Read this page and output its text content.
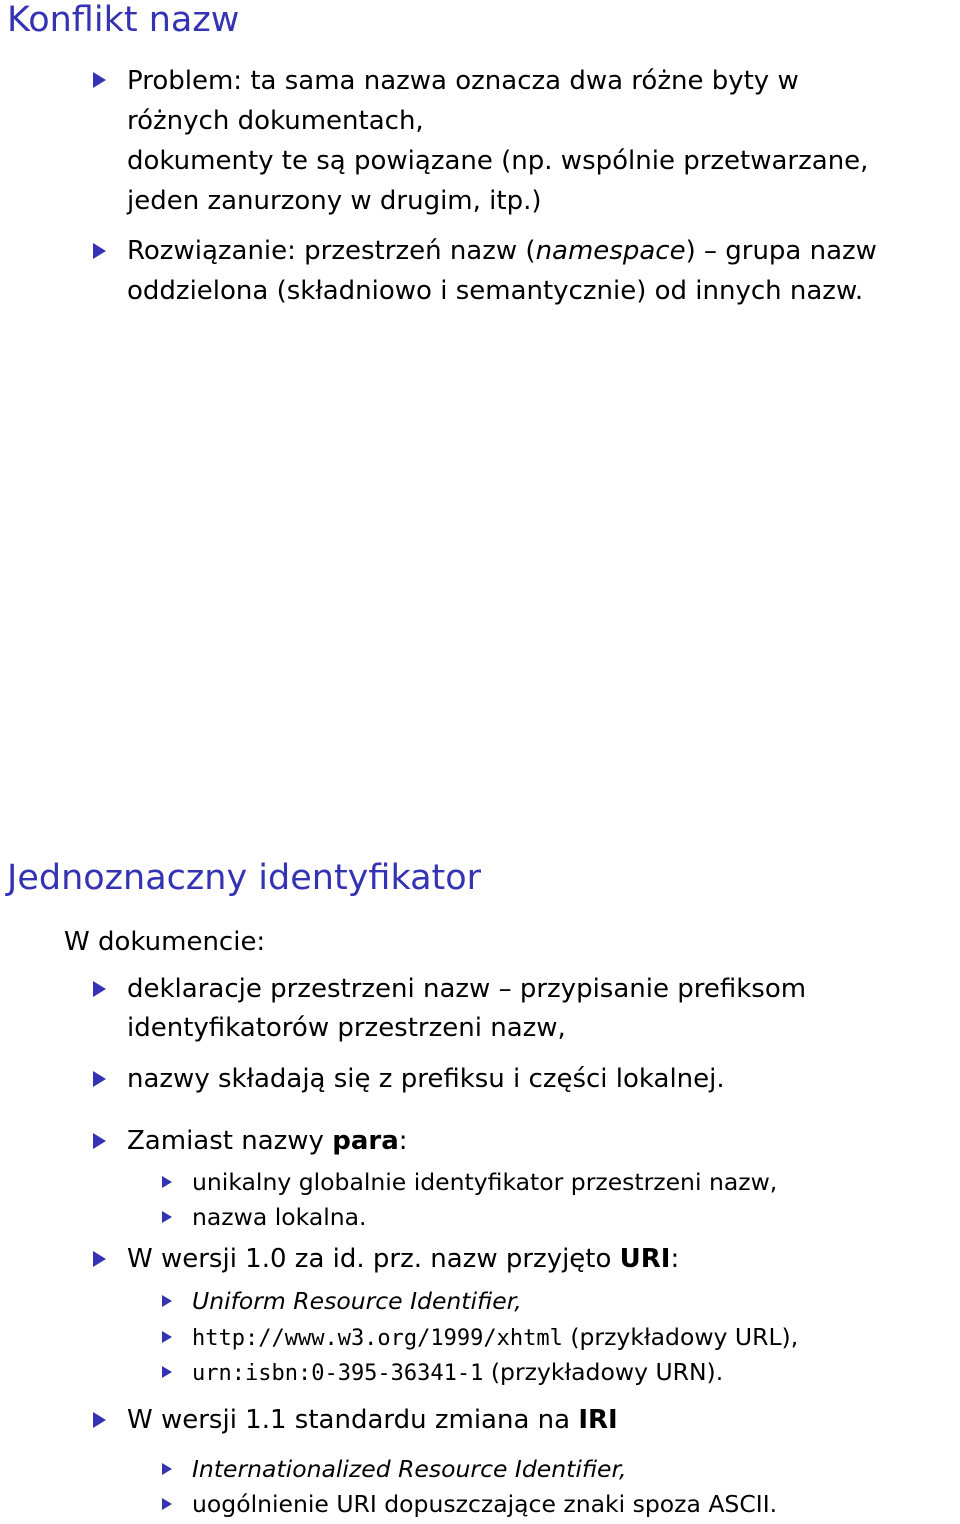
Konflikt nazw

Problem: ta sama nazwa oznacza dwa różne byty w

różnych dokumentach,

dokumenty te są powiązane (np. wspólnie przetwarzane,

jeden zanurzony w drugim, itp.)

Rozwiązanie: przestrzeń nazw (namespace) – grupa nazw

oddzielona (składniowo i semantycznie) od innych nazw.

Jednoznaczny identyfikator

W dokumencie:

deklaracje przestrzeni nazw – przypisanie prefiksom

identyfikatorów przestrzeni nazw,

nazwy składają się z prefiksu i części lokalnej.

Zamiast nazwy para:

unikalny globalnie identyfikator przestrzeni nazw,

nazwa lokalna.

W wersji 1.0 za id. prz. nazw przyjęto URI:

Uniform Resource Identifier,

http://www.w3.org/1999/xhtml (przykładowy URL),

urn:isbn:0-395-36341-1 (przykładowy URN).

W wersji 1.1 standardu zmiana na IRI

Internationalized Resource Identifier,

uogólnienie URI dopuszczające znaki spoza ASCII.
